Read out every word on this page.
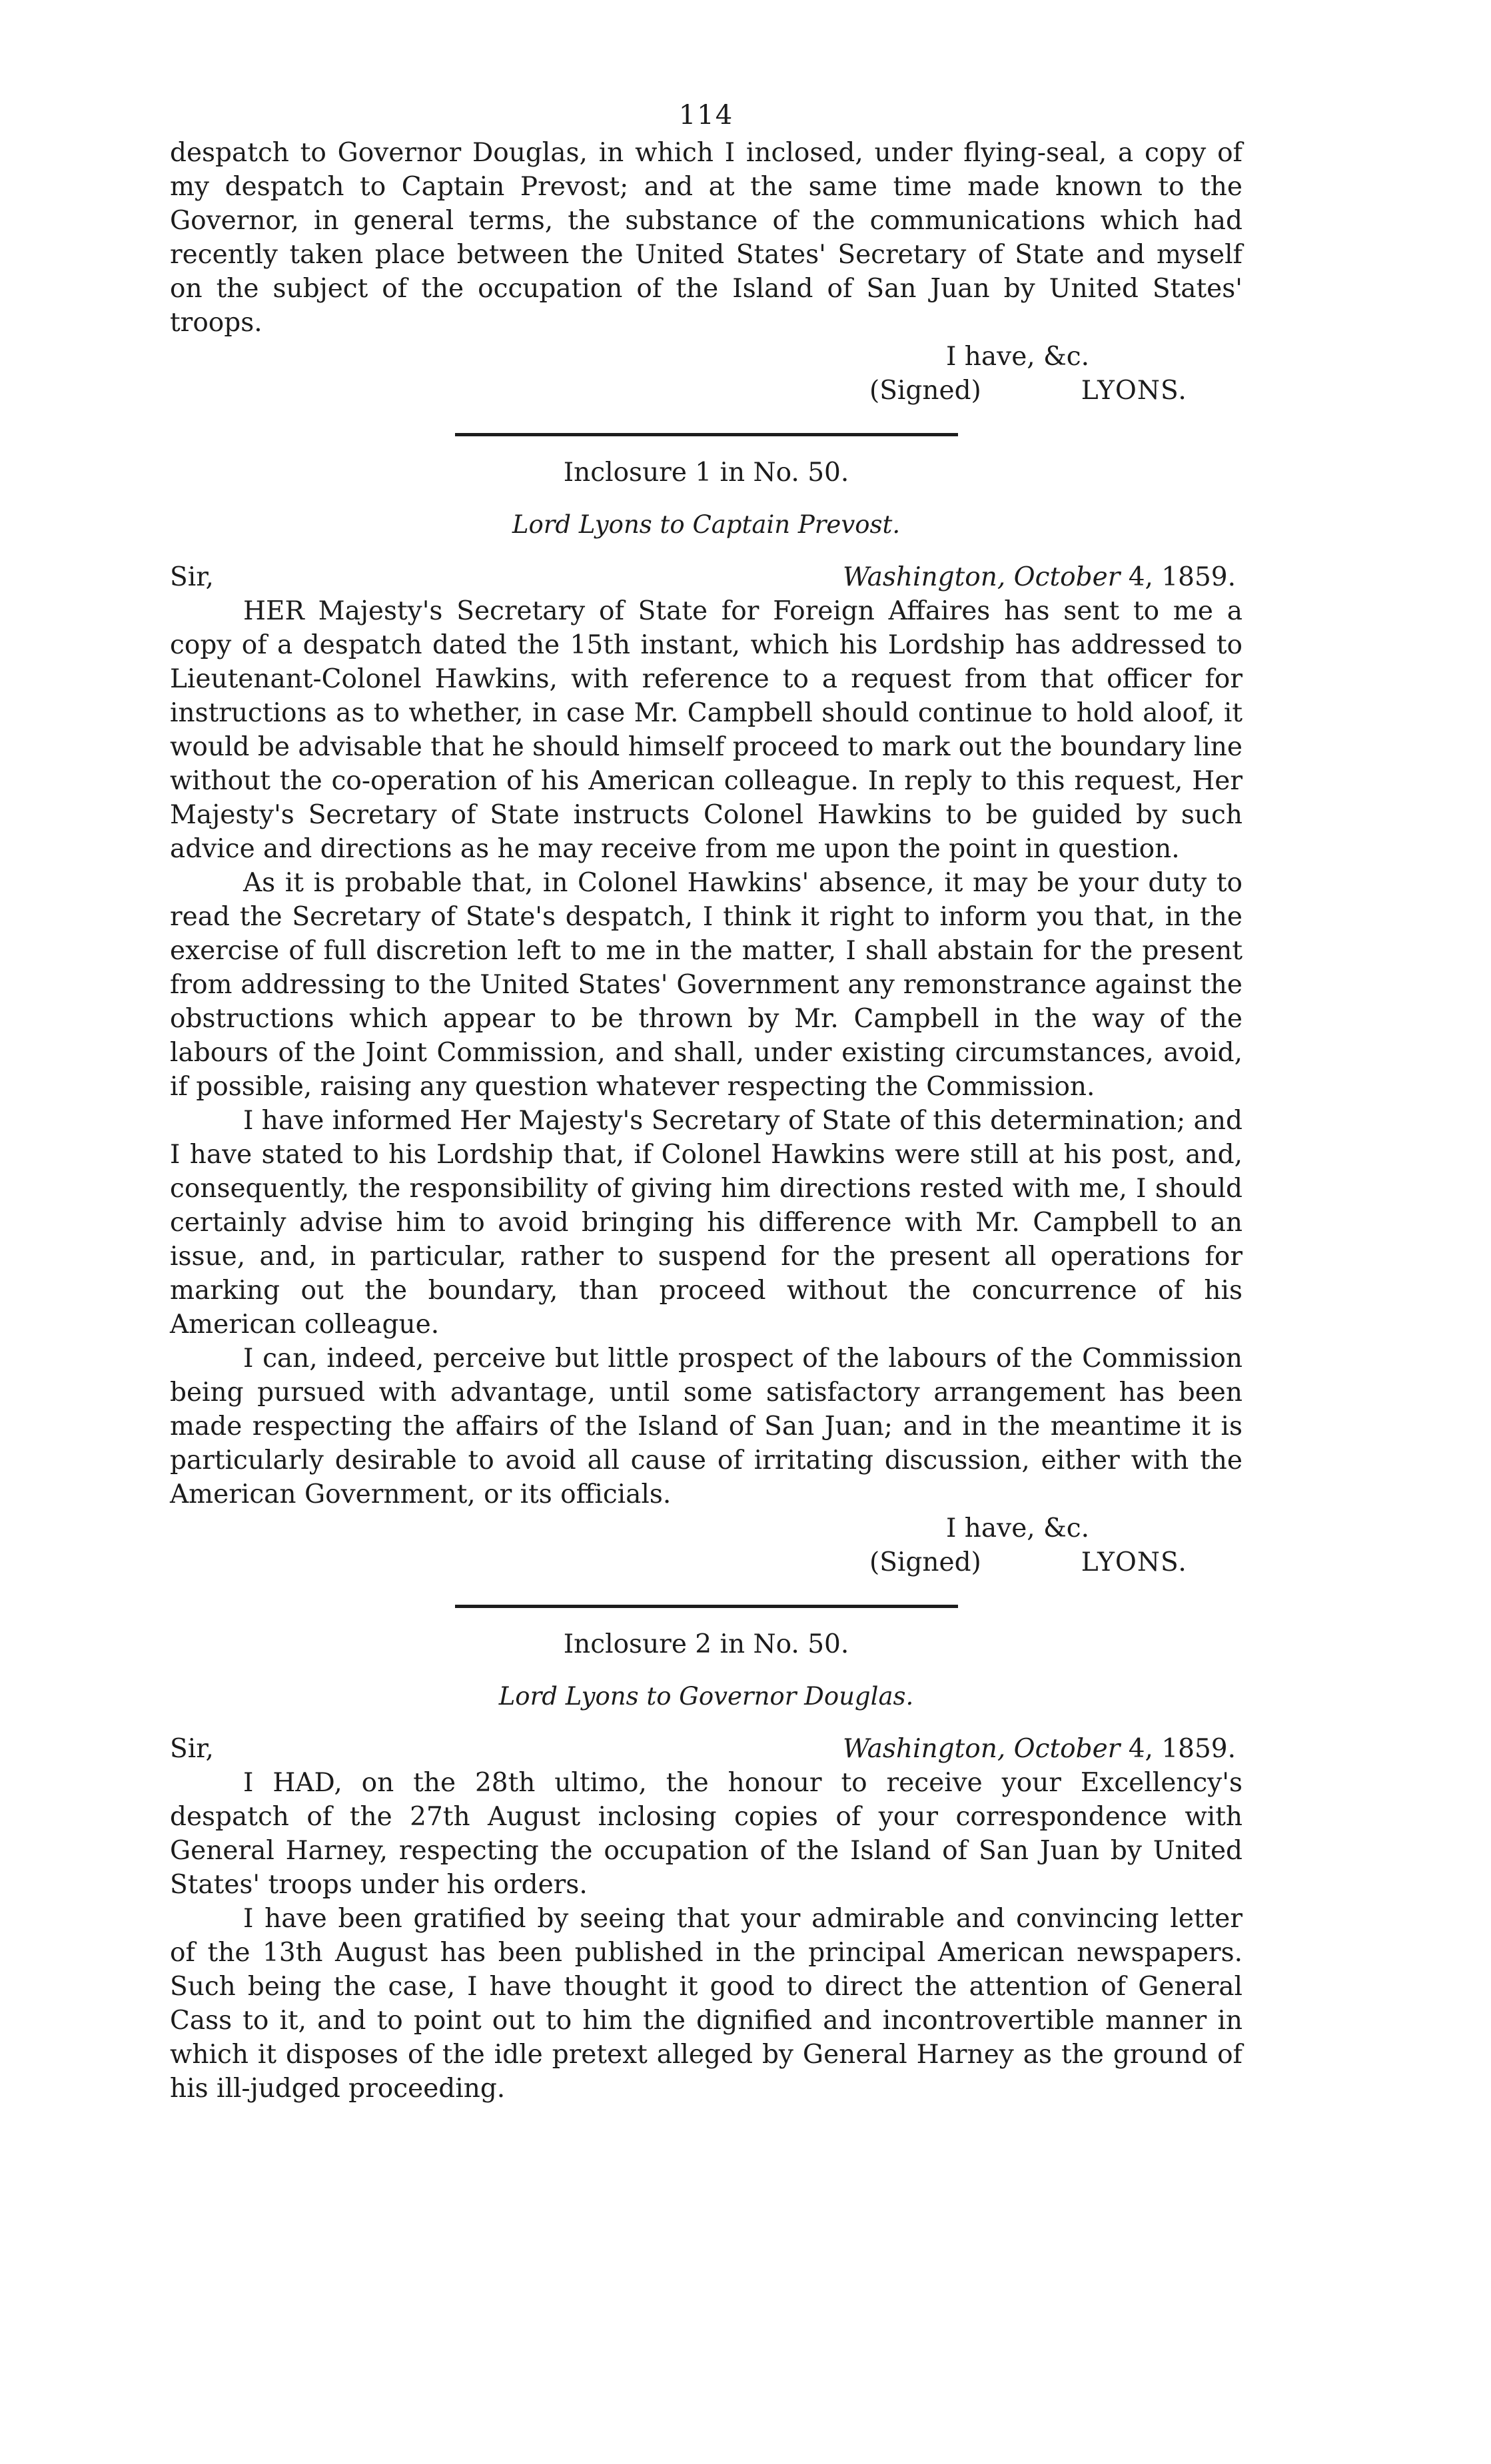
114

despatch to Governor Douglas, in which I inclosed, under flying-seal, a copy of my despatch to Captain Prevost; and at the same time made known to the Governor, in general terms, the substance of the communications which had recently taken place between the United States' Secretary of State and myself on the subject of the occupation of the Island of San Juan by United States' troops.

I have, &c.
(Signed)	LYONS.
Inclosure 1 in No. 50.
Lord Lyons to Captain Prevost.
Sir,	Washington, October 4, 1859.

HER Majesty's Secretary of State for Foreign Affaires has sent to me a copy of a despatch dated the 15th instant, which his Lordship has addressed to Lieutenant-Colonel Hawkins, with reference to a request from that officer for instructions as to whether, in case Mr. Campbell should continue to hold aloof, it would be advisable that he should himself proceed to mark out the boundary line without the co-operation of his American colleague. In reply to this request, Her Majesty's Secretary of State instructs Colonel Hawkins to be guided by such advice and directions as he may receive from me upon the point in question.

As it is probable that, in Colonel Hawkins' absence, it may be your duty to read the Secretary of State's despatch, I think it right to inform you that, in the exercise of full discretion left to me in the matter, I shall abstain for the present from addressing to the United States' Government any remonstrance against the obstructions which appear to be thrown by Mr. Campbell in the way of the labours of the Joint Commission, and shall, under existing circumstances, avoid, if possible, raising any question whatever respecting the Commission.

I have informed Her Majesty's Secretary of State of this determination; and I have stated to his Lordship that, if Colonel Hawkins were still at his post, and, consequently, the responsibility of giving him directions rested with me, I should certainly advise him to avoid bringing his difference with Mr. Campbell to an issue, and, in particular, rather to suspend for the present all operations for marking out the boundary, than proceed without the concurrence of his American colleague.

I can, indeed, perceive but little prospect of the labours of the Commission being pursued with advantage, until some satisfactory arrangement has been made respecting the affairs of the Island of San Juan; and in the meantime it is particularly desirable to avoid all cause of irritating discussion, either with the American Government, or its officials.

I have, &c.
(Signed)	LYONS.
Inclosure 2 in No. 50.
Lord Lyons to Governor Douglas.
Sir,	Washington, October 4, 1859.

I HAD, on the 28th ultimo, the honour to receive your Excellency's despatch of the 27th August inclosing copies of your correspondence with General Harney, respecting the occupation of the Island of San Juan by United States' troops under his orders.

I have been gratified by seeing that your admirable and convincing letter of the 13th August has been published in the principal American newspapers. Such being the case, I have thought it good to direct the attention of General Cass to it, and to point out to him the dignified and incontrovertible manner in which it disposes of the idle pretext alleged by General Harney as the ground of his ill-judged proceeding.
